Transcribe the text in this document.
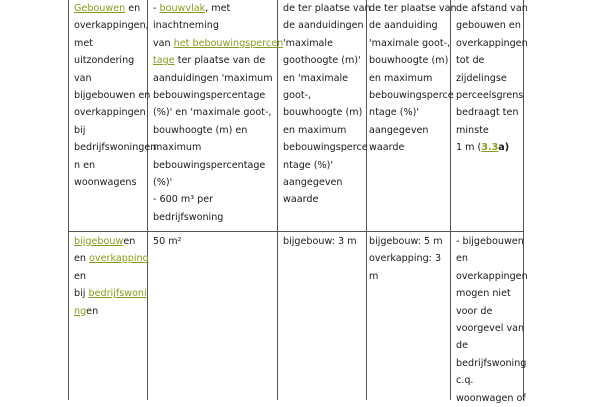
Gebouwen en
overkappingen,
met
uitzondering
van
bijgebouwen en
overkappingen
bij
bedrijfswoningen
n en
woonwagens
- bouwvlak, met
inachtneming
van het bebouwingspercen
tage ter plaatse van de
aanduidingen 'maximum
bebouwingspercentage
(%)' en 'maximale goot-,
bouwhoogte (m) en
maximum
bebouwingspercentage
(%)'
- 600 m³ per
bedrijfswoning
de ter plaatse van
de aanduidingen
'maximale
goothoogte (m)'
en 'maximale
goot-,
bouwhoogte (m)
en maximum
bebouwingsperce
ntage (%)'
aangegeven
waarde
de ter plaatse van
de aanduiding
'maximale goot-,
bouwhoogte (m)
en maximum
bebouwingsperce
ntage (%)'
aangegeven
waarde
de afstand van
gebouwen en
overkappingen
tot de
zijdelingse
perceelsgrens
bedraagt ten
minste
1 m (3.3a)
bijgebouwen
en overkapping
en
bij bedrijfswoni
ngen
50 m²	bijgebouw: 3 m	bijgebouw: 5 m
overkapping: 3
m
- bijgebouwen
en
overkappingen
mogen niet
voor de
voorgevel van
de
bedrijfswoning
c.q.
woonwagen of
